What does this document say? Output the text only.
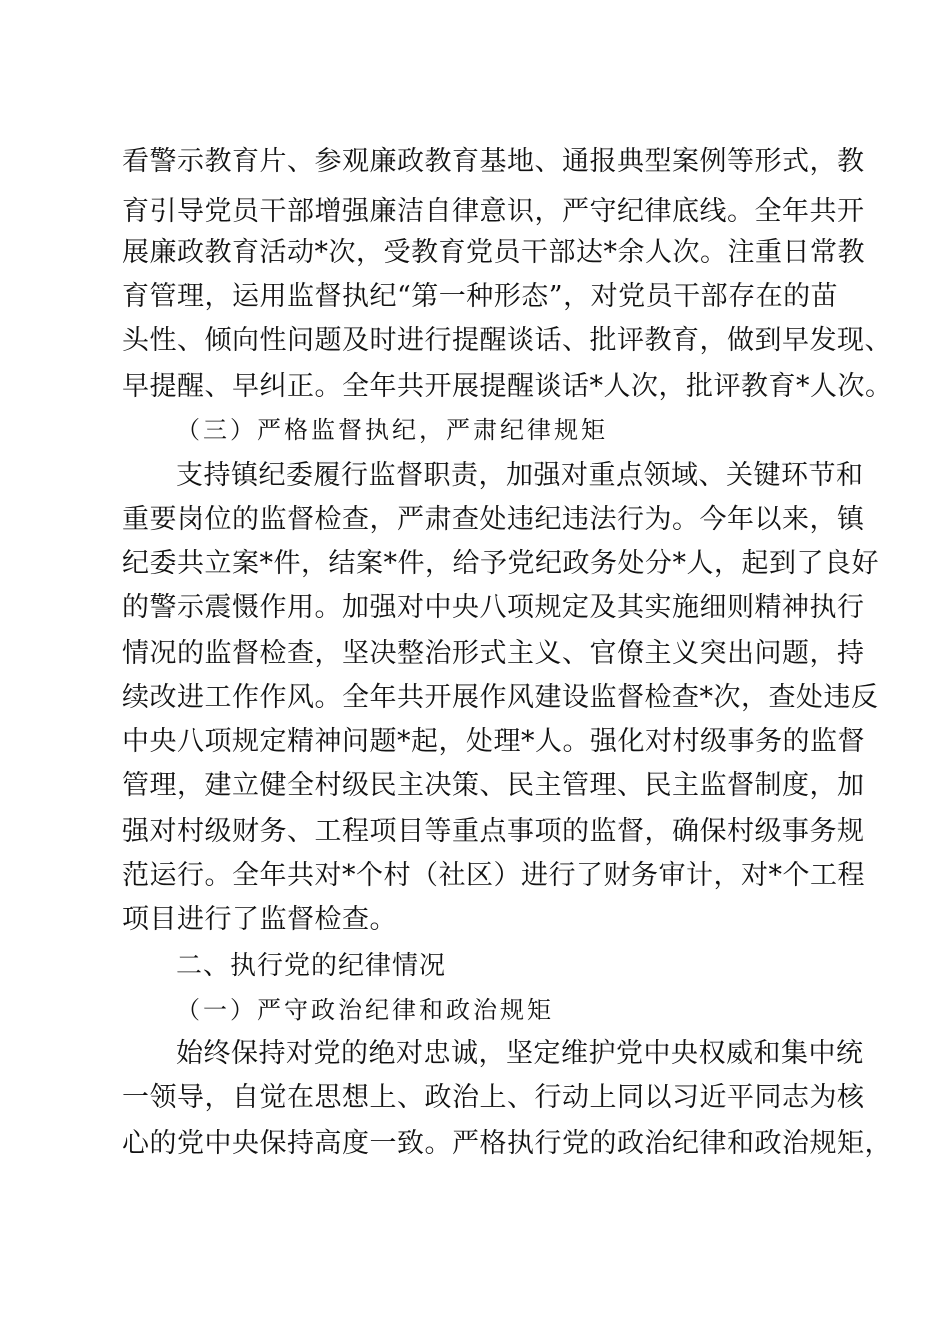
看警示教育片、参观廉政教育基地、通报典型案例等形式，教
育引导党员干部增强廉洁自律意识，严守纪律底线。全年共开
展廉政教育活动*次，受教育党员干部达*余人次。注重日常教
育管理，运用监督执纪“第一种形态”，对党员干部存在的苗
头性、倾向性问题及时进行提醒谈话、批评教育，做到早发现、
早提醒、早纠正。全年共开展提醒谈话*人次，批评教育*人次。
（三）严格监督执纪，严肃纪律规矩
支持镇纪委履行监督职责，加强对重点领域、关键环节和
重要岗位的监督检查，严肃查处违纪违法行为。今年以来，镇
纪委共立案*件，结案*件，给予党纪政务处分*人，起到了良好
的警示震慑作用。加强对中央八项规定及其实施细则精神执行
情况的监督检查，坚决整治形式主义、官僚主义突出问题，持
续改进工作作风。全年共开展作风建设监督检查*次，查处违反
中央八项规定精神问题*起，处理*人。强化对村级事务的监督
管理，建立健全村级民主决策、民主管理、民主监督制度，加
强对村级财务、工程项目等重点事项的监督，确保村级事务规
范运行。全年共对*个村（社区）进行了财务审计，对*个工程
项目进行了监督检查。
二、执行党的纪律情况
（一）严守政治纪律和政治规矩
始终保持对党的绝对忠诚，坚定维护党中央权威和集中统
一领导，自觉在思想上、政治上、行动上同以习近平同志为核
心的党中央保持高度一致。严格执行党的政治纪律和政治规矩，
